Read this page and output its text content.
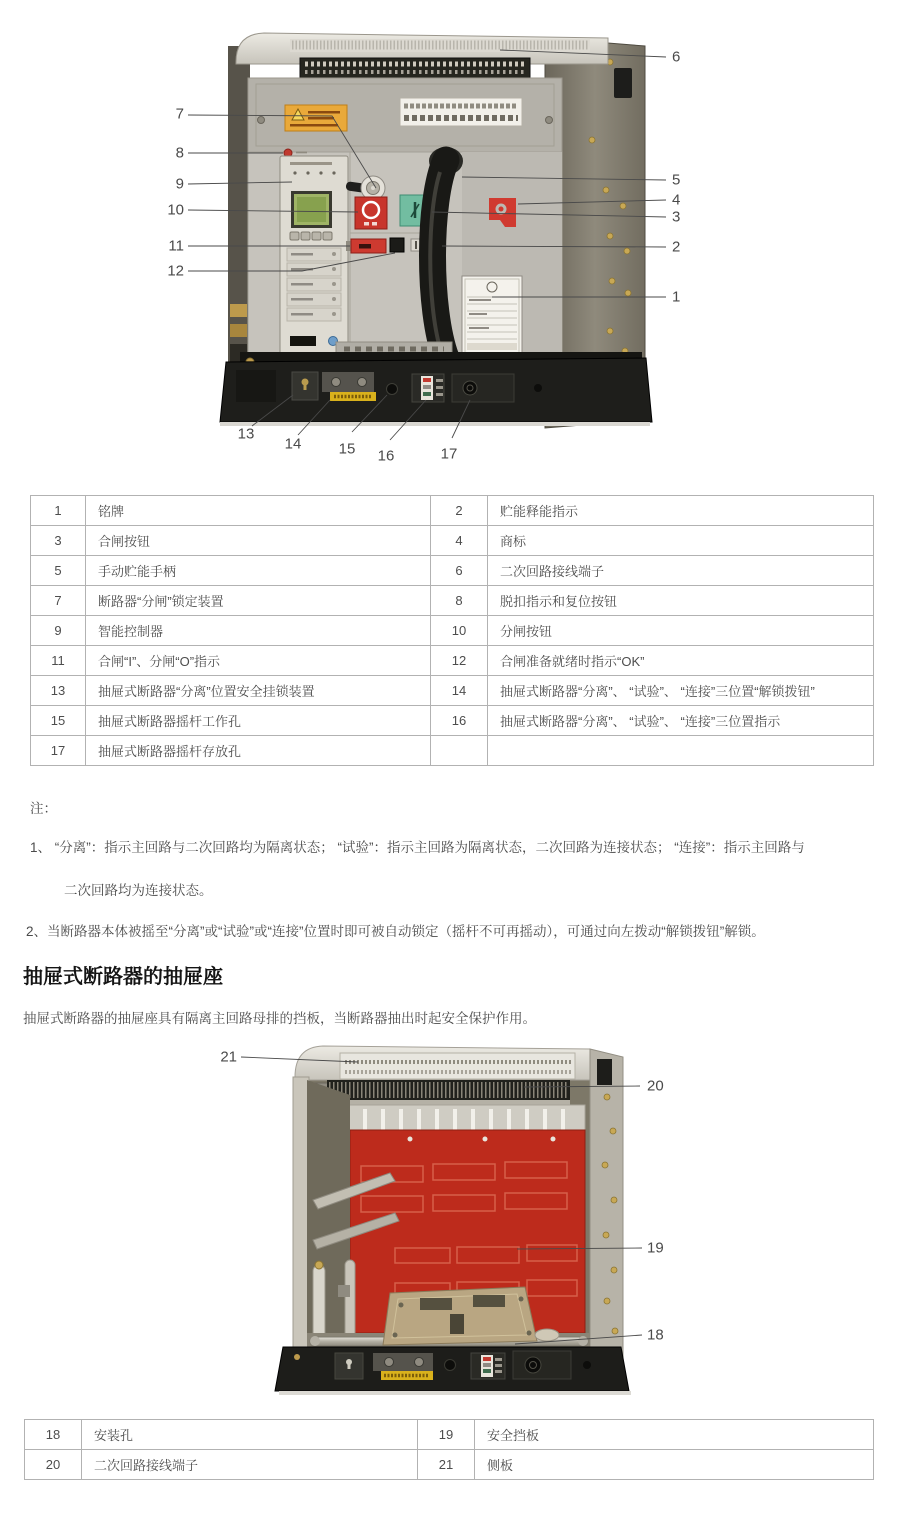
6
7
8
9
10
11
12
5
4
3
2
1
13
14 15 16	17
1	铭牌	2	贮能释能指示
3	合闸按钮	4	商标
5	手动贮能手柄	6	二次回路接线端子
7	断路器“分闸”锁定装置	8	脱扣指示和复位按钮
9	智能控制器	10	分闸按钮
11	合闸“I”、分闸“O”指示	12	合闸准备就绪时指示“OK”
13	抽屉式断路器“分离”位置安全挂锁装置	14	抽屉式断路器“分离”、 “试验”、 “连接”三位置“解锁拨钮”
15	抽屉式断路器摇杆工作孔	16	抽屉式断路器“分离”、 “试验”、 “连接”三位置指示
17	抽屉式断路器摇杆存放孔		
注：
1、 “分离”：指示主回路与二次回路均为隔离状态； “试验”：指示主回路为隔离状态，二次回路为连接状态； “连接”：指示主回路与
二次回路均为连接状态。
2、当断路器本体被摇至“分离”或“试验”或“连接”位置时即可被自动锁定（摇杆不可再摇动），可通过向左拨动“解锁拨钮”解锁。
抽屉式断路器的抽屉座

抽屉式断路器的抽屉座具有隔离主回路母排的挡板，当断路器抽出时起安全保护作用。

21
20
19
18
18	安装孔	19	安全挡板
20	二次回路接线端子	21	侧板
